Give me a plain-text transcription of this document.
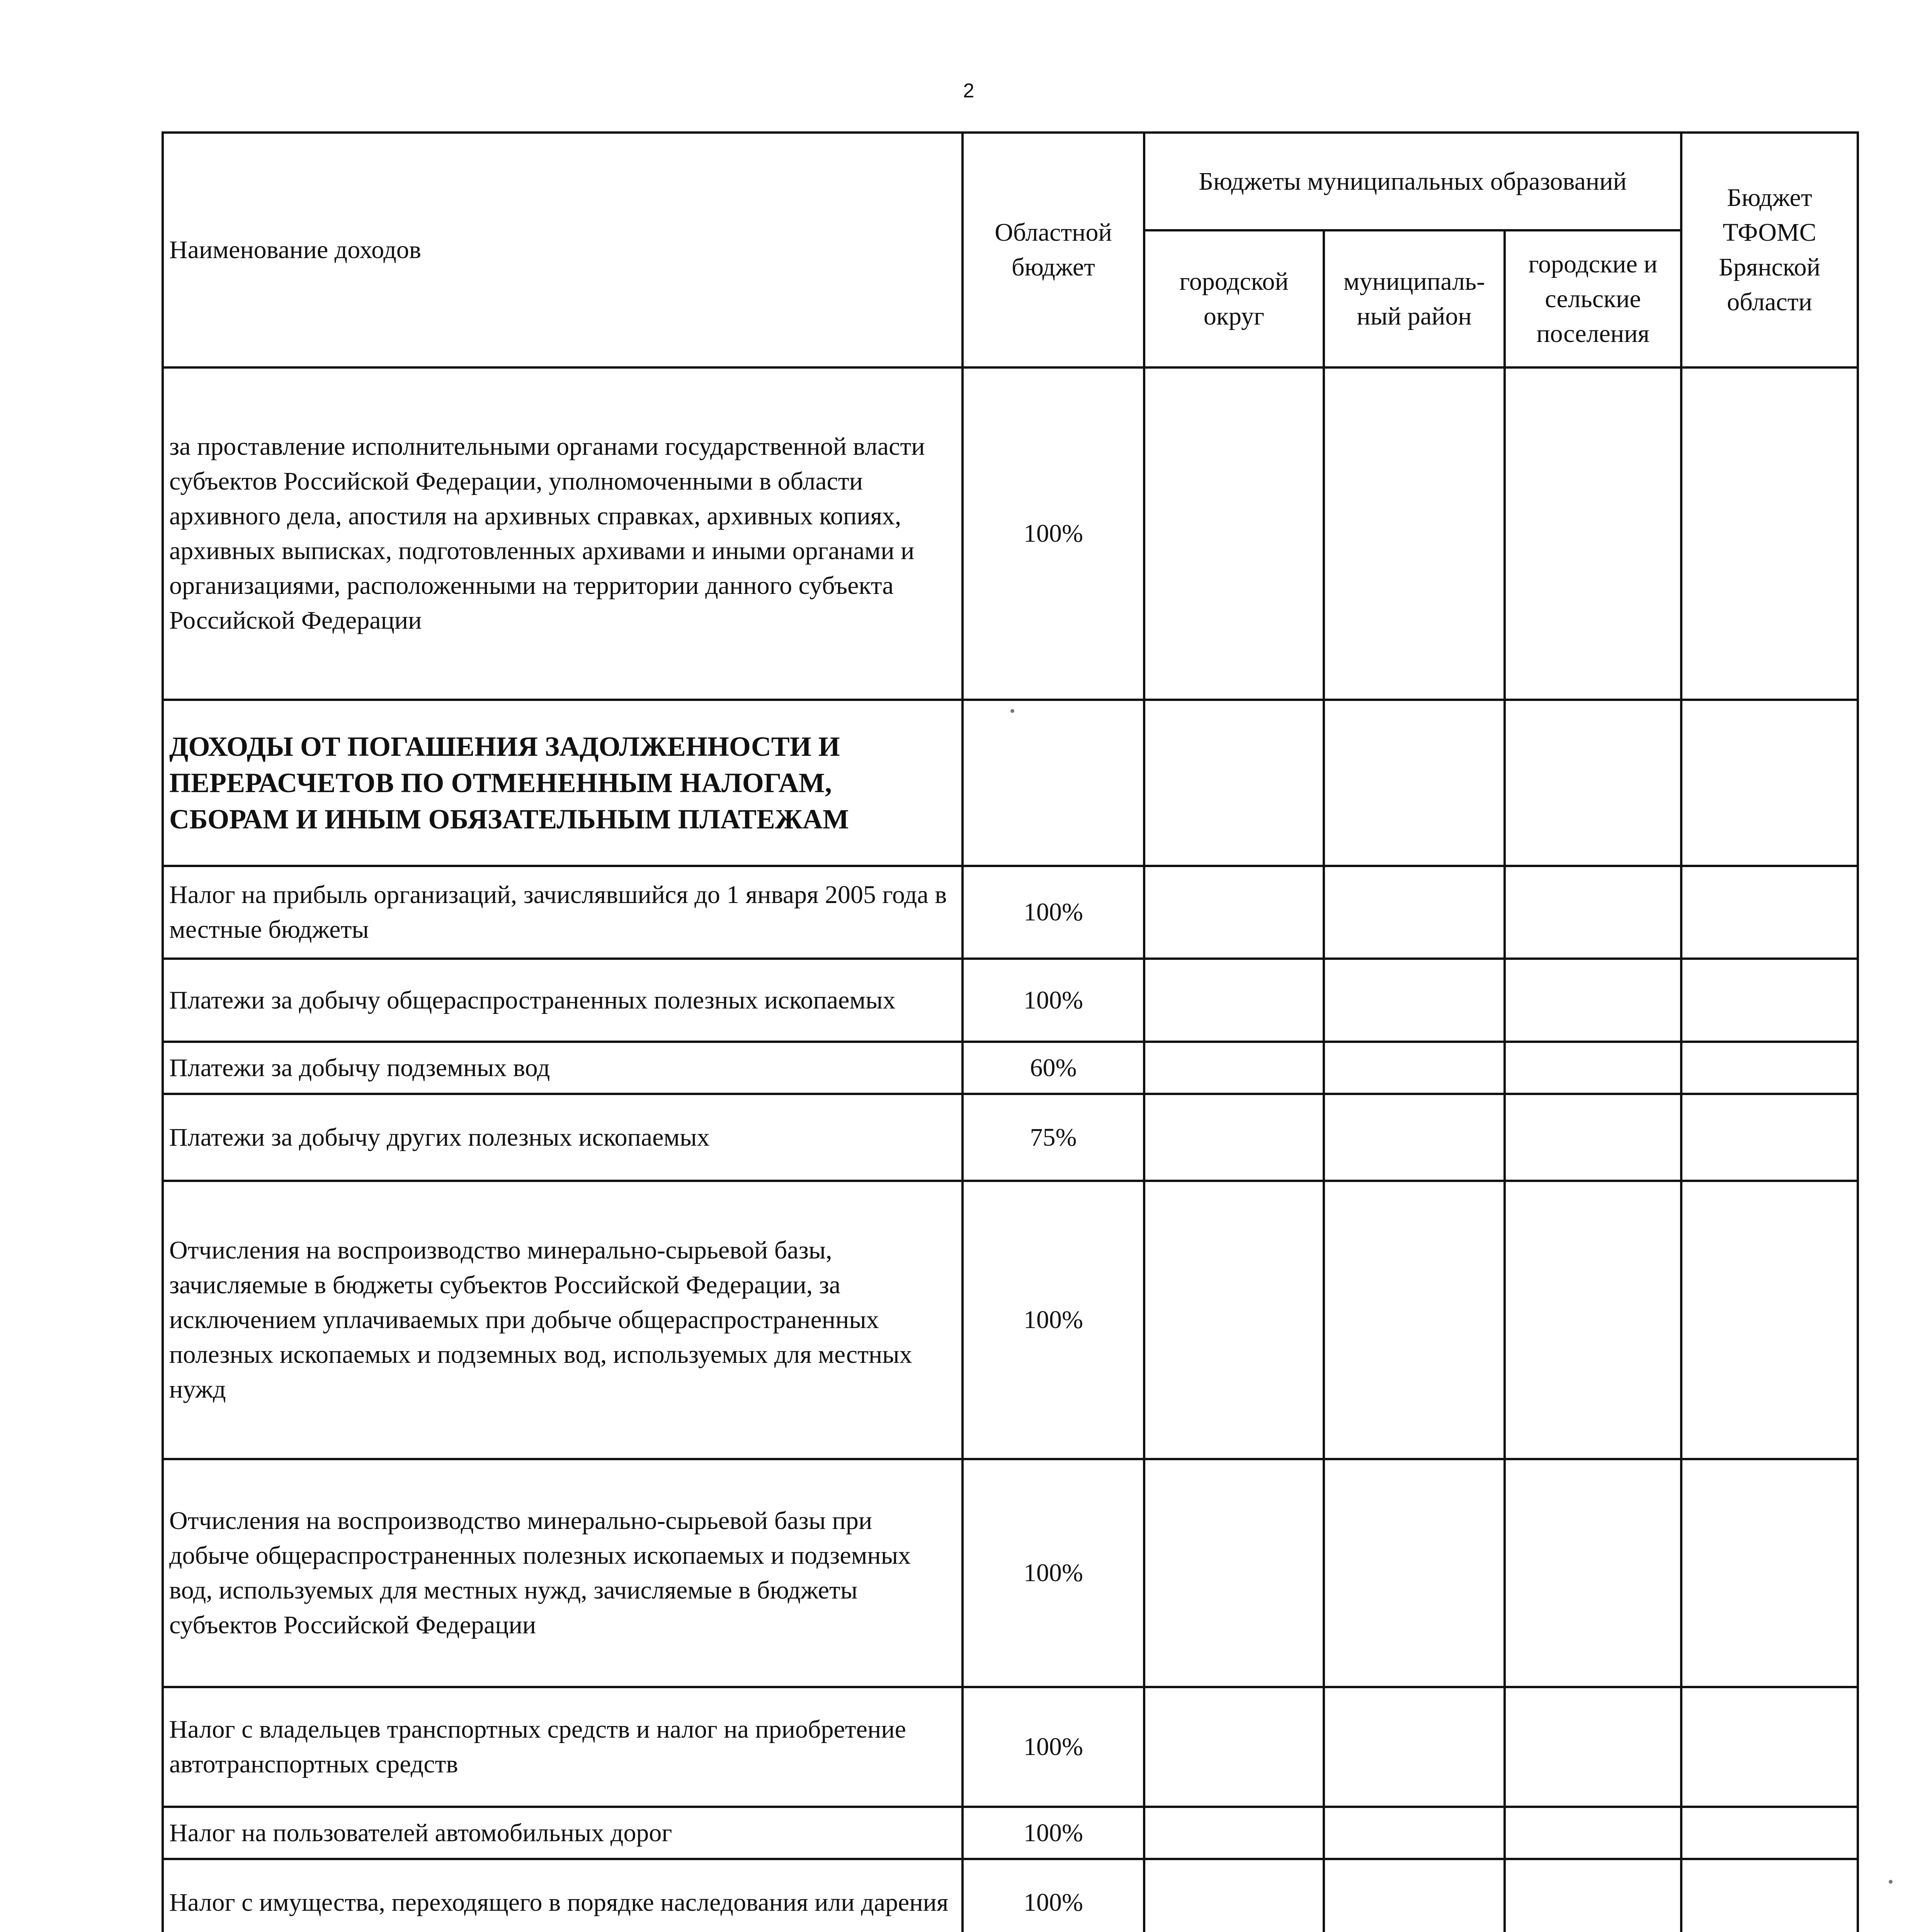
2
Наименование доходов	Областной бюджет	Бюджеты муниципальных образований			Бюджет ТФОМС Брянской области
		городской округ	муниципаль- ный район	городские и сельские поселения	
за проставление исполнительными органами государственной власти субъектов Российской Федерации, уполномоченными в области архивного дела, апостиля на архивных справках, архивных копиях, архивных выписках, подготовленных архивами и иными органами и организациями, расположенными на территории данного субъекта Российской Федерации	100%				
ДОХОДЫ ОТ ПОГАШЕНИЯ ЗАДОЛЖЕННОСТИ И ПЕРЕРАСЧЕТОВ ПО ОТМЕНЕННЫМ НАЛОГАМ, СБОРАМ И ИНЫМ ОБЯЗАТЕЛЬНЫМ ПЛАТЕЖАМ					
Налог на прибыль организаций, зачислявшийся до 1 января 2005 года в местные бюджеты	100%				
Платежи за добычу общераспространенных полезных ископаемых	100%				
Платежи за добычу подземных вод	60%				
Платежи за добычу других полезных ископаемых	75%				
Отчисления на воспроизводство минерально-сырьевой базы, зачисляемые в бюджеты субъектов Российской Федерации, за исключением уплачиваемых при добыче общераспространенных полезных ископаемых и подземных вод, используемых для местных нужд	100%				
Отчисления на воспроизводство минерально-сырьевой базы при добыче общераспространенных полезных ископаемых и подземных вод, используемых для местных нужд, зачисляемые в бюджеты субъектов Российской Федерации	100%				
Налог с владельцев транспортных средств и налог на приобретение автотранспортных средств	100%				
Налог на пользователей автомобильных дорог	100%				
Налог с имущества, переходящего в порядке наследования или дарения	100%				
